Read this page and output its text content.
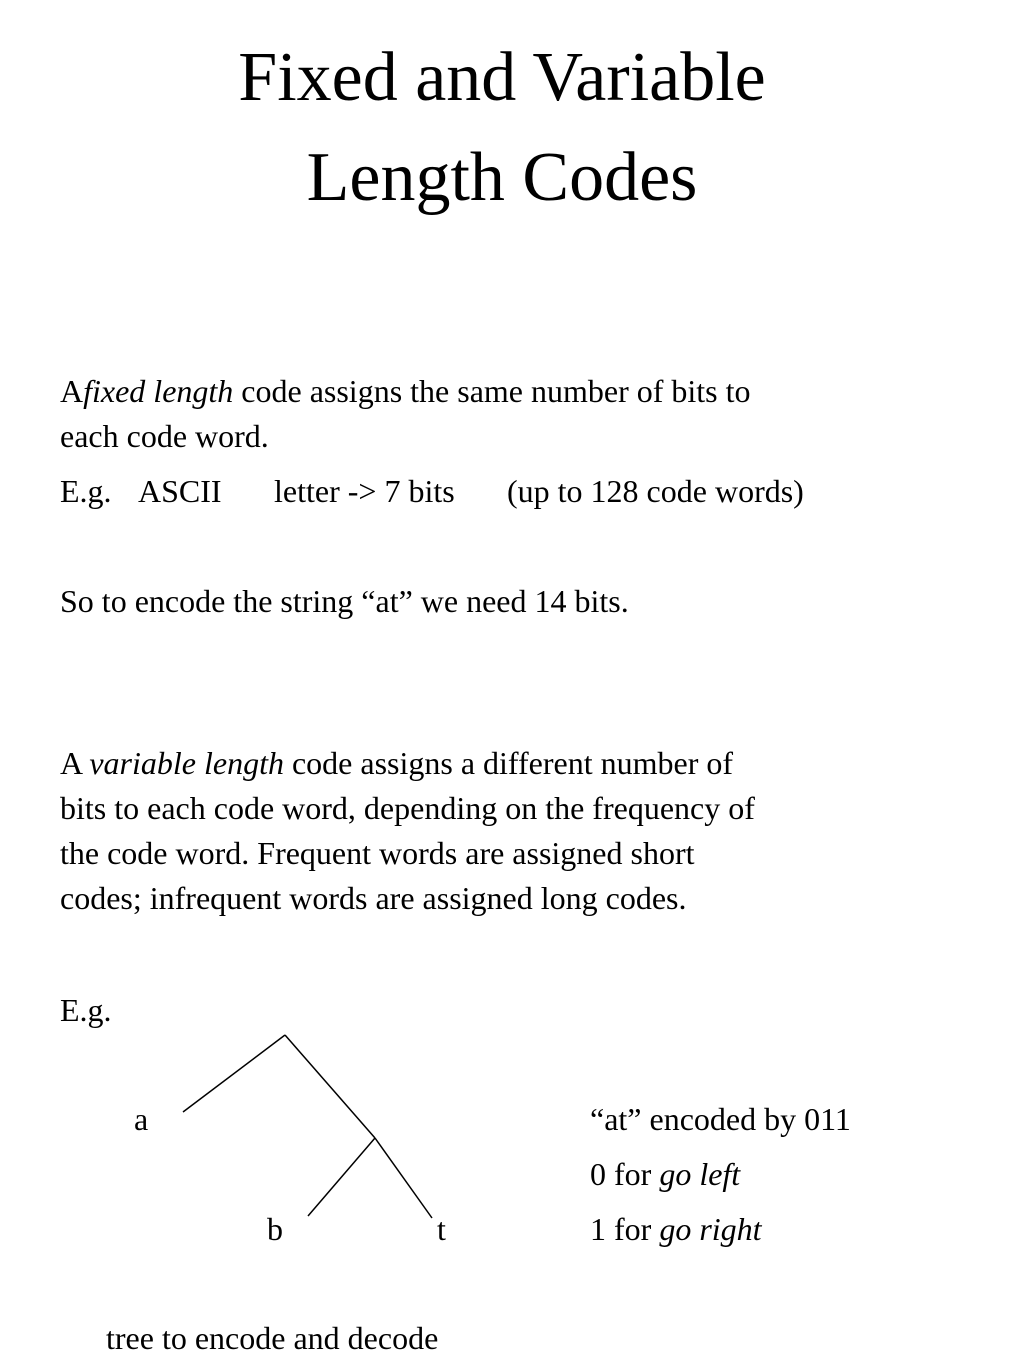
Fixed and Variable
Length Codes
Afixed length code assigns the same number of bits to
each code word.
E.g. ASCII letter -> 7 bits (up to 128 code words)
So to encode the string “at” we need 14 bits.
A variable length code assigns a different number of
bits to each code word, depending on the frequency of
the code word. Frequent words are assigned short
codes; infrequent words are assigned long codes.
E.g.
a
b	t
“at” encoded by 011
0 for go left
1 for go right
tree to encode and decode
